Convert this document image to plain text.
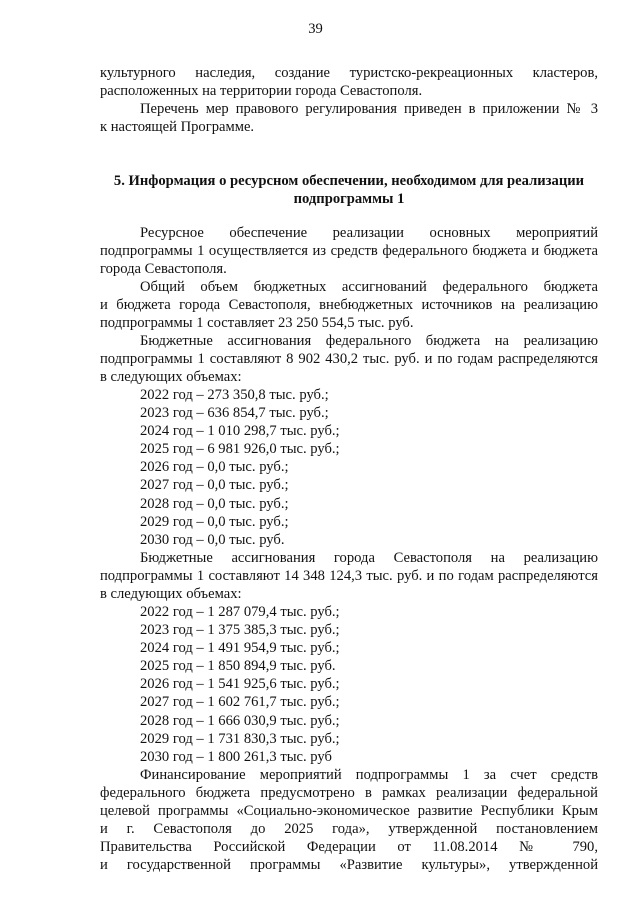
39
культурного наследия, создание туристско-рекреационных кластеров,
расположенных на территории города Севастополя.
Перечень мер правового регулирования приведен в приложении № 3
к настоящей Программе.
5. Информация о ресурсном обеспечении, необходимом для реализации
подпрограммы 1
Ресурсное обеспечение реализации основных мероприятий
подпрограммы 1 осуществляется из средств федерального бюджета и бюджета
города Севастополя.
Общий объем бюджетных ассигнований федерального бюджета
и бюджета города Севастополя, внебюджетных источников на реализацию
подпрограммы 1 составляет 23 250 554,5 тыс. руб.
Бюджетные ассигнования федерального бюджета на реализацию
подпрограммы 1 составляют 8 902 430,2 тыс. руб. и по годам распределяются
в следующих объемах:
2022 год – 273 350,8 тыс. руб.;
2023 год – 636 854,7 тыс. руб.;
2024 год – 1 010 298,7 тыс. руб.;
2025 год – 6 981 926,0 тыс. руб.;
2026 год – 0,0 тыс. руб.;
2027 год – 0,0 тыс. руб.;
2028 год – 0,0 тыс. руб.;
2029 год – 0,0 тыс. руб.;
2030 год – 0,0 тыс. руб.
Бюджетные ассигнования города Севастополя на реализацию
подпрограммы 1 составляют 14 348 124,3 тыс. руб. и по годам распределяются
в следующих объемах:
2022 год – 1 287 079,4 тыс. руб.;
2023 год – 1 375 385,3 тыс. руб.;
2024 год – 1 491 954,9 тыс. руб.;
2025 год – 1 850 894,9 тыс. руб.
2026 год – 1 541 925,6 тыс. руб.;
2027 год – 1 602 761,7 тыс. руб.;
2028 год – 1 666 030,9 тыс. руб.;
2029 год – 1 731 830,3 тыс. руб.;
2030 год – 1 800 261,3 тыс. руб
Финансирование мероприятий подпрограммы 1 за счет средств
федерального бюджета предусмотрено в рамках реализации федеральной
целевой программы «Социально-экономическое развитие Республики Крым
и г. Севастополя до 2025 года», утвержденной постановлением
Правительства Российской Федерации от 11.08.2014 № 790,
и государственной программы «Развитие культуры», утвержденной
